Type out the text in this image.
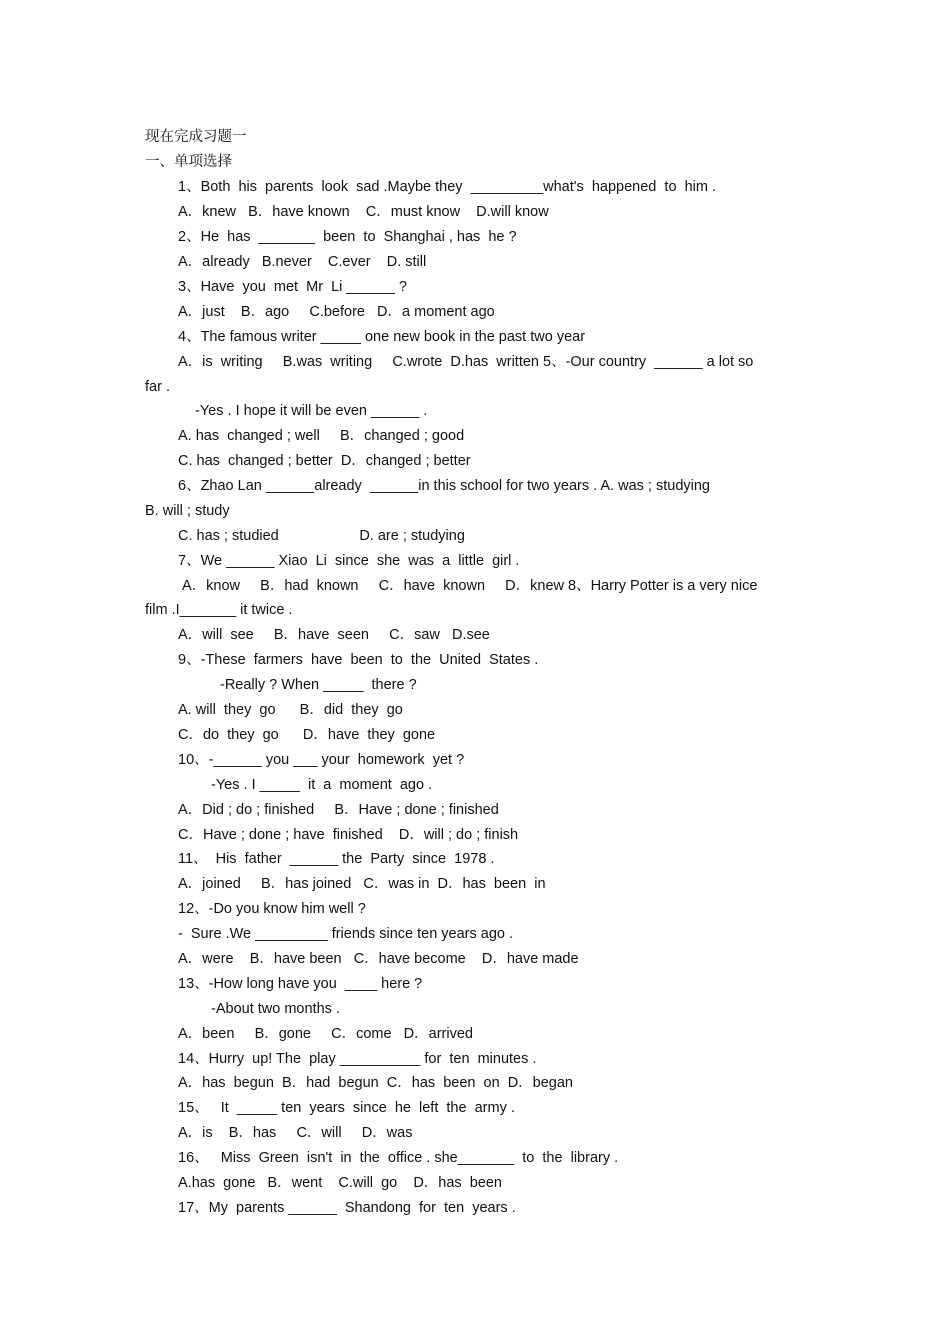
现在完成习题一
一、单项选择
1、Both  his  parents  look  sad .Maybe they  _________what's  happened  to  him .
A．knew   B．have known    C．must know    D.will know
2、He  has  _______  been  to  Shanghai , has  he ?
A．already   B.never    C.ever    D. still
3、Have  you  met  Mr  Li ______ ?
A．just    B．ago     C.before   D．a moment ago
4、The famous writer _____ one new book in the past two year
A．is  writing     B.was  writing     C.wrote  D.has  written 5、-Our country  ______ a lot so
far .
-Yes . I hope it will be even ______ .
A. has  changed ; well     B．changed ; good
C. has  changed ; better  D．changed ; better
6、Zhao Lan ______already  ______in this school for two years . A. was ; studying
B. will ; study
C. has ; studied                    D. are ; studying
7、We ______ Xiao  Li  since  she  was  a  little  girl .
A．know     B．had  known     C．have  known     D．knew 8、Harry Potter is a very nice
film .I_______ it twice .
A．will  see     B．have  seen     C．saw   D.see
9、-These  farmers  have  been  to  the  United  States .
-Really ? When _____  there ?
A. will  they  go      B．did  they  go
C．do  they  go      D．have  they  gone
10、-______ you ___ your  homework  yet ?
-Yes . I _____  it  a  moment  ago .
A．Did ; do ; finished     B．Have ; done ; finished
C．Have ; done ; have  finished    D．will ; do ; finish
11、  His  father  ______ the  Party  since  1978 .
A．joined     B．has joined   C．was in  D．has  been  in
12、-Do you know him well ?
-  Sure .We _________ friends since ten years ago .
A．were    B．have been   C．have become    D．have made
13、-How long have you  ____ here ?
-About two months .
A．been     B．gone     C．come   D．arrived
14、Hurry  up! The  play __________ for  ten  minutes .
A．has  begun  B．had  begun  C．has  been  on  D．began
15、   It  _____ ten  years  since  he  left  the  army .
A．is    B．has     C．will     D．was
16、   Miss  Green  isn't  in  the  office . she_______  to  the  library .
A.has  gone   B．went    C.will  go    D．has  been
17、My  parents ______  Shandong  for  ten  years .
